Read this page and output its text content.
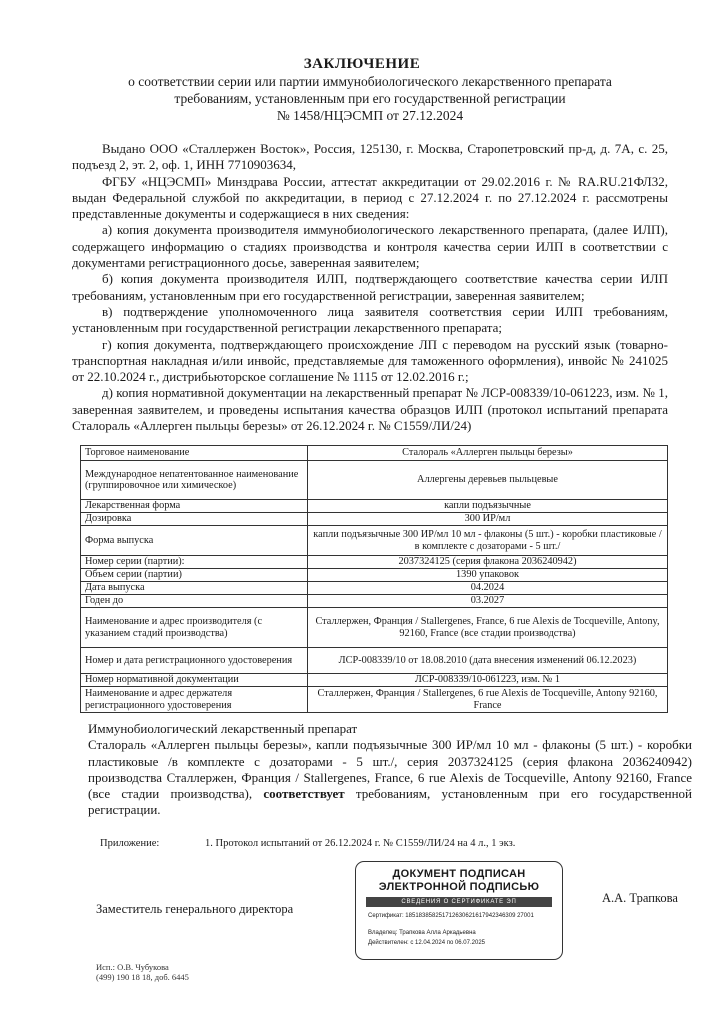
ЗАКЛЮЧЕНИЕ
о соответствии серии или партии иммунобиологического лекарственного препарата
требованиям, установленным при его государственной регистрации
№ 1458/НЦЭСМП от 27.12.2024

Выдано ООО «Сталлержен Восток», Россия, 125130, г. Москва, Старопетровский пр-д, д. 7А, с. 25, подъезд 2, эт. 2, оф. 1, ИНН 7710903634,

ФГБУ «НЦЭСМП» Минздрава России, аттестат аккредитации от 29.02.2016 г. № RA.RU.21ФЛ32, выдан Федеральной службой по аккредитации, в период с 27.12.2024 г. по 27.12.2024 г. рассмотрены представленные документы и содержащиеся в них сведения:

а) копия документа производителя иммунобиологического лекарственного препарата, (далее ИЛП), содержащего информацию о стадиях производства и контроля качества серии ИЛП в соответствии с документами регистрационного досье, заверенная заявителем;

б) копия документа производителя ИЛП, подтверждающего соответствие качества серии ИЛП требованиям, установленным при его государственной регистрации, заверенная заявителем;

в) подтверждение уполномоченного лица заявителя соответствия серии ИЛП требованиям, установленным при государственной регистрации лекарственного препарата;

г) копия документа, подтверждающего происхождение ЛП с переводом на русский язык (товарно-транспортная накладная и/или инвойс, представляемые для таможенного оформления), инвойс № 241025 от 22.10.2024 г., дистрибьюторское соглашение № 1115 от 12.02.2016 г.;

д) копия нормативной документации на лекарственный препарат № ЛСР-008339/10-061223, изм. № 1, заверенная заявителем, и проведены испытания качества образцов ИЛП (протокол испытаний препарата Сталораль «Аллерген пыльцы березы» от 26.12.2024 г. № С1559/ЛИ/24)

Торговое наименование	Сталораль «Аллерген пыльцы березы»
Международное непатентованное наименование (группировочное или химическое)	Аллергены деревьев пыльцевые
Лекарственная форма	капли подъязычные
Дозировка	300 ИР/мл
Форма выпуска	капли подъязычные 300 ИР/мл 10 мл - флаконы (5 шт.) - коробки пластиковые /в комплекте с дозаторами - 5 шт./
Номер серии (партии):	2037324125 (серия флакона 2036240942)
Объем серии (партии)	1390 упаковок
Дата выпуска	04.2024
Годен до	03.2027
Наименование и адрес производителя (с указанием стадий производства)	Сталлержен, Франция / Stallergenes, France, 6 rue Alexis de Tocqueville, Antony, 92160, France (все стадии производства)
Номер и дата регистрационного удостоверения	ЛСР-008339/10 от 18.08.2010 (дата внесения изменений 06.12.2023)
Номер нормативной документации	ЛСР-008339/10-061223, изм. № 1
Наименование и адрес держателя регистрационного удостоверения	Сталлержен, Франция / Stallergenes, 6 rue Alexis de Tocqueville, Antony 92160, France

Иммунобиологический лекарственный препарат

Сталораль «Аллерген пыльцы березы», капли подъязычные 300 ИР/мл 10 мл - флаконы (5 шт.) - коробки пластиковые /в комплекте с дозаторами - 5 шт./, серия 2037324125 (серия флакона 2036240942) производства Сталлержен, Франция / Stallergenes, France, 6 rue Alexis de Tocqueville, Antony 92160, France (все стадии производства), соответствует требованиям, установленным при его государственной регистрации.

Приложение:	1. Протокол испытаний от 26.12.2024 г. № С1559/ЛИ/24 на 4 л., 1 экз.
ДОКУМЕНТ ПОДПИСАН
ЭЛЕКТРОННОЙ ПОДПИСЬЮ
СВЕДЕНИЯ О СЕРТИФИКАТЕ ЭП
Сертификат: 185183858251712630621617942346309 27001
Владелец: Трапкова Алла Аркадьевна
Действителен: с 12.04.2024 по 06.07.2025
Заместитель генерального директора
А.А. Трапкова
Исп.: О.В. Чубукова
(499) 190 18 18, доб. 6445
